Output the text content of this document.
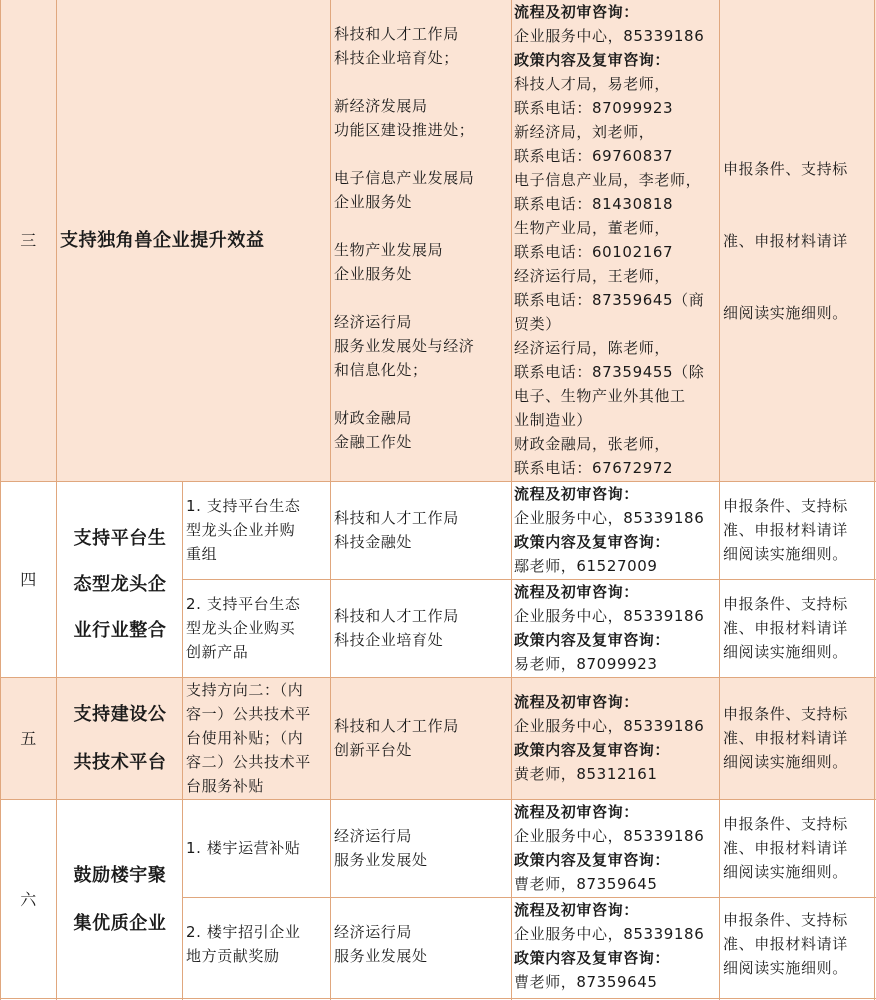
三 支持独角兽企业提升效益
科技和人才工作局
科技企业培育处；
新经济发展局
功能区建设推进处；
电子信息产业发展局
企业服务处
生物产业发展局
企业服务处
经济运行局
服务业发展处与经济
和信息化处；
财政金融局
金融工作处
流程及初审咨询：
企业服务中心，85339186
政策内容及复审咨询：
科技人才局，易老师，
联系电话：87099923
新经济局，刘老师，
联系电话：69760837
电子信息产业局，李老师，
联系电话：81430818
生物产业局，董老师，
联系电话：60102167
经济运行局，王老师，
联系电话：87359645（商
贸类）
经济运行局，陈老师，
联系电话：87359455（除
电子、生物产业外其他工
业制造业）
财政金融局，张老师，
联系电话：67672972

申报条件、支持标

准、申报材料请详

细阅读实施细则。

四
支持平台生
态型龙头企
业行业整合
1. 支持平台生态
型龙头企业并购
重组
科技和人才工作局
科技金融处
流程及初审咨询：
企业服务中心，85339186
政策内容及复审咨询：
鄢老师，61527009
申报条件、支持标
准、申报材料请详
细阅读实施细则。
2. 支持平台生态
型龙头企业购买
创新产品
科技和人才工作局
科技企业培育处
流程及初审咨询：
企业服务中心，85339186
政策内容及复审咨询：
易老师，87099923
申报条件、支持标
准、申报材料请详
细阅读实施细则。
五
支持建设公
共技术平台
支持方向二：（内
容一）公共技术平
台使用补贴；（内
容二）公共技术平
台服务补贴
科技和人才工作局
创新平台处
流程及初审咨询：
企业服务中心，85339186
政策内容及复审咨询：
黄老师，85312161
申报条件、支持标
准、申报材料请详
细阅读实施细则。
六
鼓励楼宇聚
集优质企业
1. 楼宇运营补贴
经济运行局
服务业发展处
流程及初审咨询：
企业服务中心，85339186
政策内容及复审咨询：
曹老师，87359645
申报条件、支持标
准、申报材料请详
细阅读实施细则。
2. 楼宇招引企业
地方贡献奖励
经济运行局
服务业发展处
流程及初审咨询：
企业服务中心，85339186
政策内容及复审咨询：
曹老师，87359645
申报条件、支持标
准、申报材料请详
细阅读实施细则。
